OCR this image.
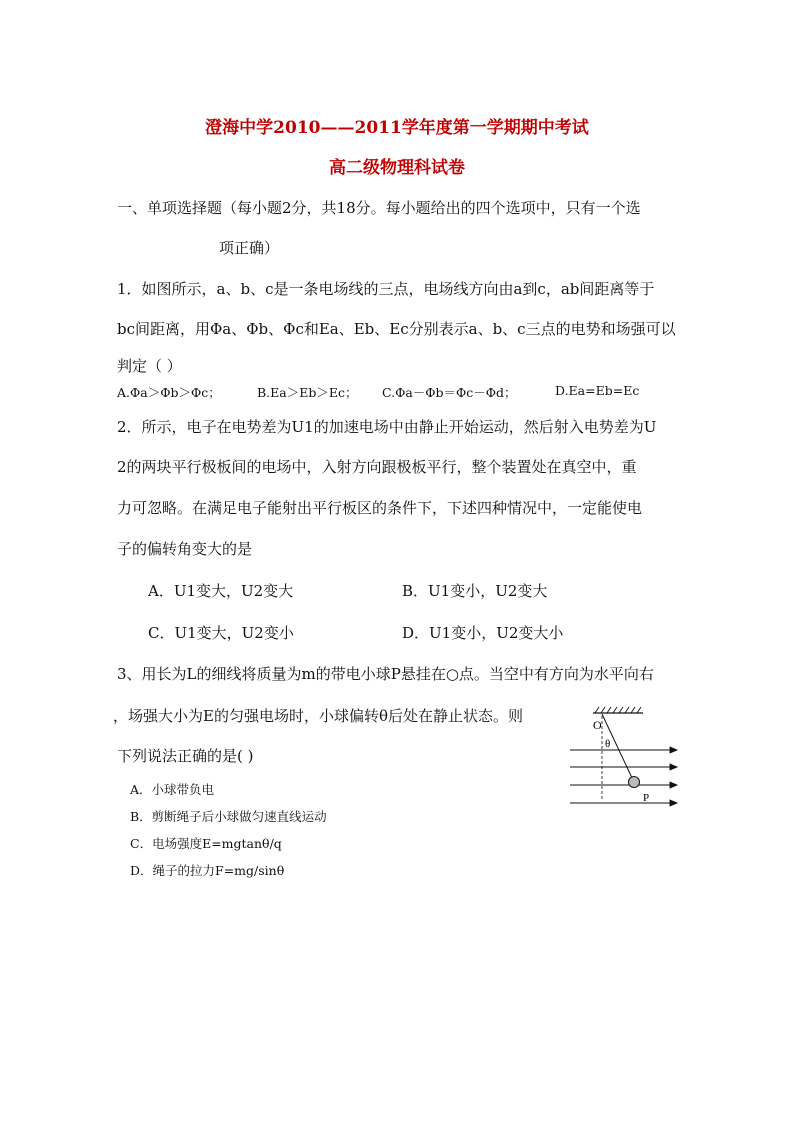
澄海中学2010——2011学年度第一学期期中考试
高二级物理科试卷
一、单项选择题（每小题2分，共18分。每小题给出的四个选项中，只有一个选
项正确）
1．如图所示，a、b、c是一条电场线的三点，电场线方向由a到c，ab间距离等于
bc间距离，用Φa、Φb、Φc和Ea、Eb、Ec分别表示a、b、c三点的电势和场强可以
判定（ ）
A.Φa＞Φb＞Φc；	B.Ea＞Eb＞Ec； C.Φa－Φb＝Φc－Φd；	D.Ea=Eb=Ec
2．所示，电子在电势差为U1的加速电场中由静止开始运动，然后射入电势差为U
2的两块平行极板间的电场中，入射方向跟极板平行，整个装置处在真空中，重
力可忽略。在满足电子能射出平行板区的条件下，下述四种情况中，一定能使电
子的偏转角变大的是
A．U1变大，U2变大	B．U1变小，U2变大
C．U1变大，U2变小	D．U1变小，U2变大小
3、用长为L的细线将质量为m的带电小球P悬挂在○点。当空中有方向为水平向右
，场强大小为E的匀强电场时，小球偏转θ后处在静止状态。则
下列说法正确的是( )
A．小球带负电
B．剪断绳子后小球做匀速直线运动
C．电场强度E=mgtanθ/q
D．绳子的拉力F=mg/sinθ
O
θ
P
